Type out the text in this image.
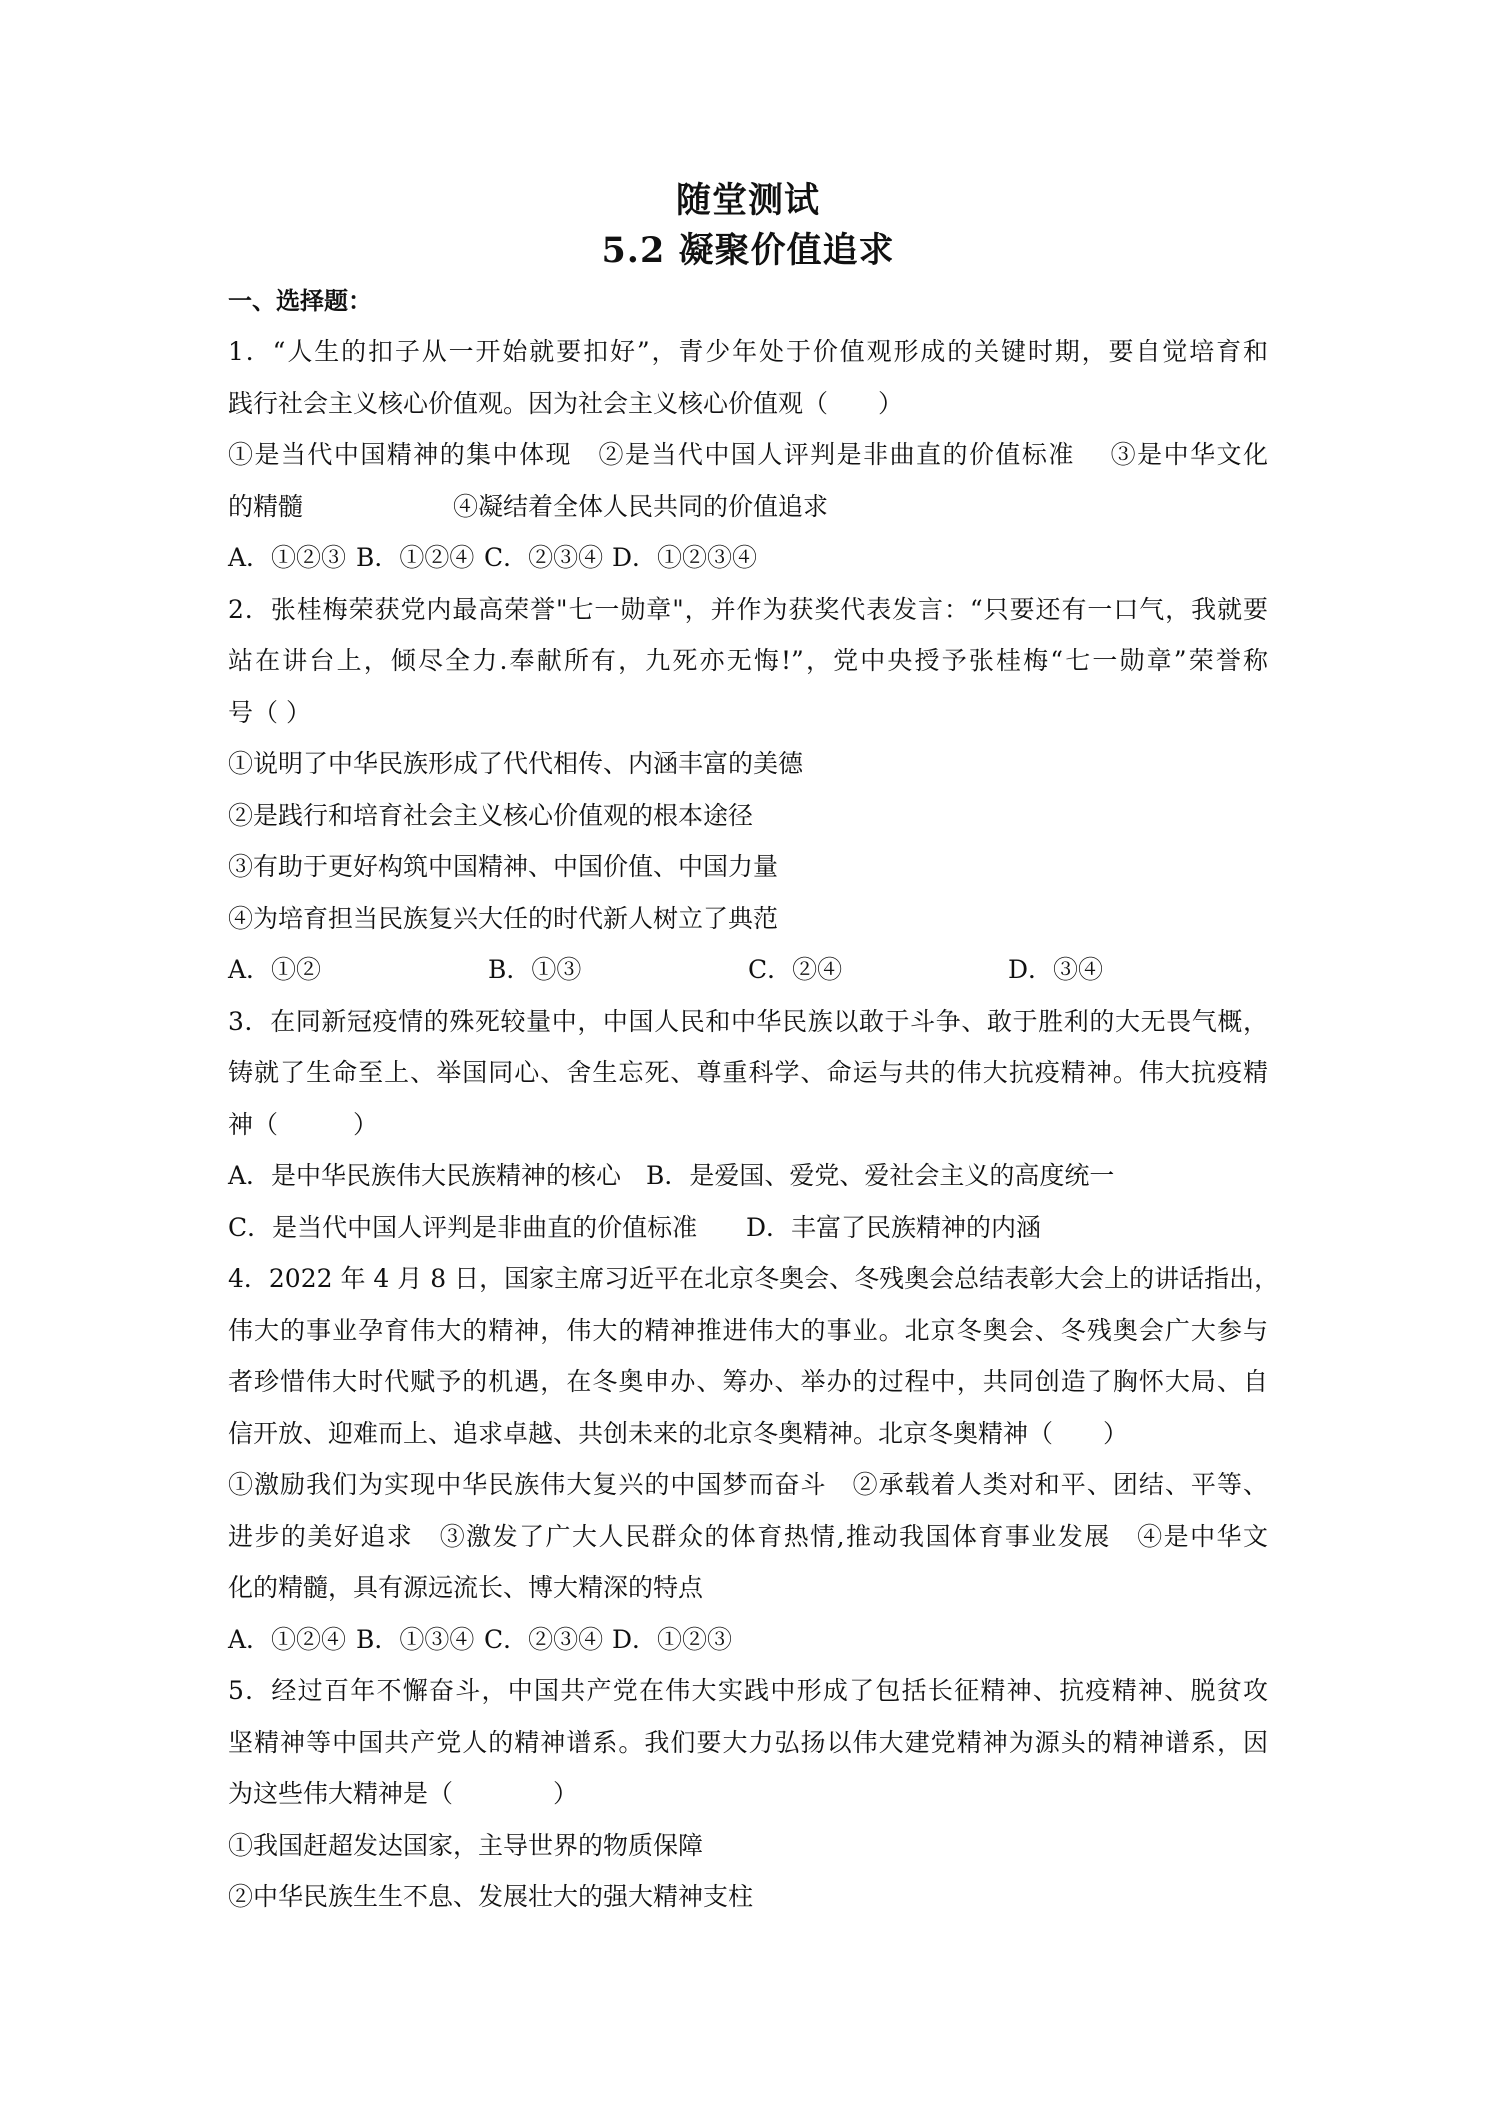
随堂测试
5.2 凝聚价值追求
一、选择题：
1．“人生的扣子从一开始就要扣好”，青少年处于价值观形成的关键时期，要自觉培育和
践行社会主义核心价值观。因为社会主义核心价值观（　　）
①是当代中国精神的集中体现　②是当代中国人评判是非曲直的价值标准　 ③是中华文化
的精髓　　　　　　④凝结着全体人民共同的价值追求
A．①②③ B．①②④ C．②③④ D．①②③④
2．张桂梅荣获党内最高荣誉"七一勋章"，并作为获奖代表发言：“只要还有一口气，我就要
站在讲台上，倾尽全力.奉献所有，九死亦无悔!”，党中央授予张桂梅“七一勋章”荣誉称
号（ ）
①说明了中华民族形成了代代相传、内涵丰富的美德
②是践行和培育社会主义核心价值观的根本途径
③有助于更好构筑中国精神、中国价值、中国力量
④为培育担当民族复兴大任的时代新人树立了典范
A．①②	B．①③	C．②④	D．③④
3．在同新冠疫情的殊死较量中，中国人民和中华民族以敢于斗争、敢于胜利的大无畏气概，
铸就了生命至上、举国同心、舍生忘死、尊重科学、命运与共的伟大抗疫精神。伟大抗疫精
神（　　　）
A．是中华民族伟大民族精神的核心 B．是爱国、爱党、爱社会主义的高度统一
C．是当代中国人评判是非曲直的价值标准	D．丰富了民族精神的内涵
4．2022 年 4 月 8 日，国家主席习近平在北京冬奥会、冬残奥会总结表彰大会上的讲话指出，
伟大的事业孕育伟大的精神，伟大的精神推进伟大的事业。北京冬奥会、冬残奥会广大参与
者珍惜伟大时代赋予的机遇，在冬奥申办、筹办、举办的过程中，共同创造了胸怀大局、自
信开放、迎难而上、追求卓越、共创未来的北京冬奥精神。北京冬奥精神（　　）
①激励我们为实现中华民族伟大复兴的中国梦而奋斗　②承载着人类对和平、团结、平等、
进步的美好追求　③激发了广大人民群众的体育热情,推动我国体育事业发展　④是中华文
化的精髓，具有源远流长、博大精深的特点
A．①②④ B．①③④ C．②③④ D．①②③
5．经过百年不懈奋斗，中国共产党在伟大实践中形成了包括长征精神、抗疫精神、脱贫攻
坚精神等中国共产党人的精神谱系。我们要大力弘扬以伟大建党精神为源头的精神谱系，因
为这些伟大精神是（　　　　）
①我国赶超发达国家，主导世界的物质保障
②中华民族生生不息、发展壮大的强大精神支柱
